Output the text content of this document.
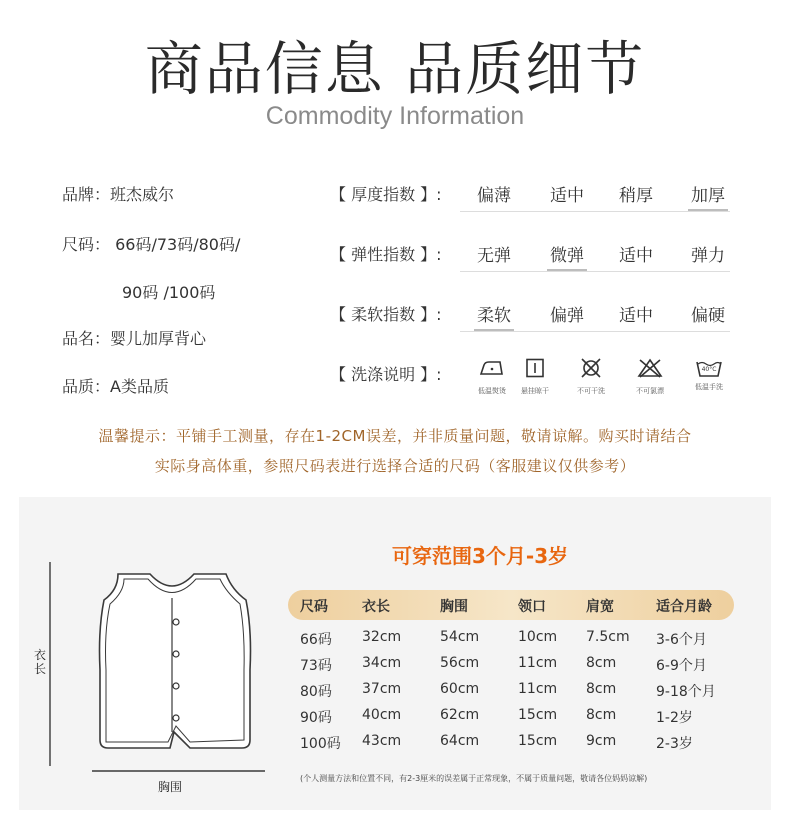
商品信息 品质细节
Commodity Information
品牌：班杰威尔
尺码： 66码/73码/80码/
90码 /100码
品名：婴儿加厚背心
品质：A类品质
【 厚度指数 】:	偏薄	适中	稍厚	加厚
【 弹性指数 】:	无弹	微弹	适中	弹力
【 柔软指数 】:	柔软	偏弹	适中	偏硬
【 洗涤说明 】:
低温熨烫	悬挂晾干	不可干洗	不可氯漂
40°C
低温手洗
温馨提示：平铺手工测量，存在1-2CM误差，并非质量问题，敬请谅解。购买时请结合
实际身高体重，参照尺码表进行选择合适的尺码（客服建议仅供参考）
衣长
胸围
可穿范围3个月-3岁
尺码 衣长	胸围	领口	肩宽	适合月龄
66码 32cm	54cm	10cm 7.5cm 3-6个月
73码 34cm	56cm	11cm 8cm	6-9个月
80码 37cm	60cm	11cm 8cm	9-18个月
90码 40cm	62cm	15cm 8cm	1-2岁
100码 43cm	64cm	15cm 9cm	2-3岁
(个人测量方法和位置不同，有2-3厘米的误差属于正常现象，不属于质量问题，敬请各位妈妈谅解)
